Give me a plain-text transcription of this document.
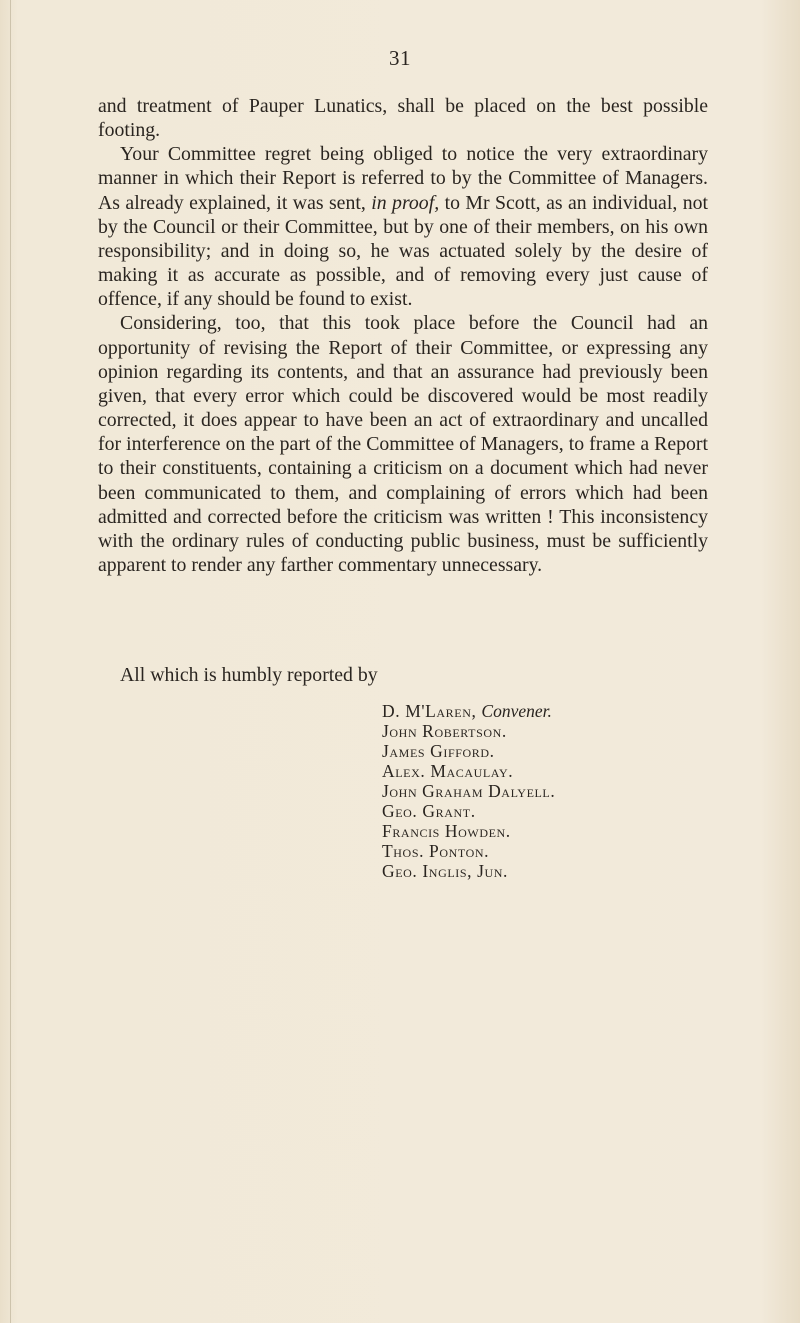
31

and treatment of Pauper Lunatics, shall be placed on the best possible footing.

Your Committee regret being obliged to notice the very extraordinary manner in which their Report is referred to by the Committee of Managers. As already explained, it was sent, in proof, to Mr Scott, as an individual, not by the Council or their Committee, but by one of their members, on his own responsibility; and in doing so, he was actuated solely by the desire of making it as accurate as possible, and of removing every just cause of offence, if any should be found to exist.

Considering, too, that this took place before the Council had an opportunity of revising the Report of their Committee, or expressing any opinion regarding its contents, and that an assurance had previously been given, that every error which could be discovered would be most readily corrected, it does appear to have been an act of extraordinary and uncalled for interference on the part of the Committee of Managers, to frame a Report to their constituents, containing a criticism on a document which had never been communicated to them, and complaining of errors which had been admitted and corrected before the criticism was written ! This inconsistency with the ordinary rules of conducting public business, must be sufficiently apparent to render any farther commentary unnecessary.

All which is humbly reported by
D. M'Laren, Convener.
John Robertson.
James Gifford.
Alex. Macaulay.
John Graham Dalyell.
Geo. Grant.
Francis Howden.
Thos. Ponton.
Geo. Inglis, Jun.
